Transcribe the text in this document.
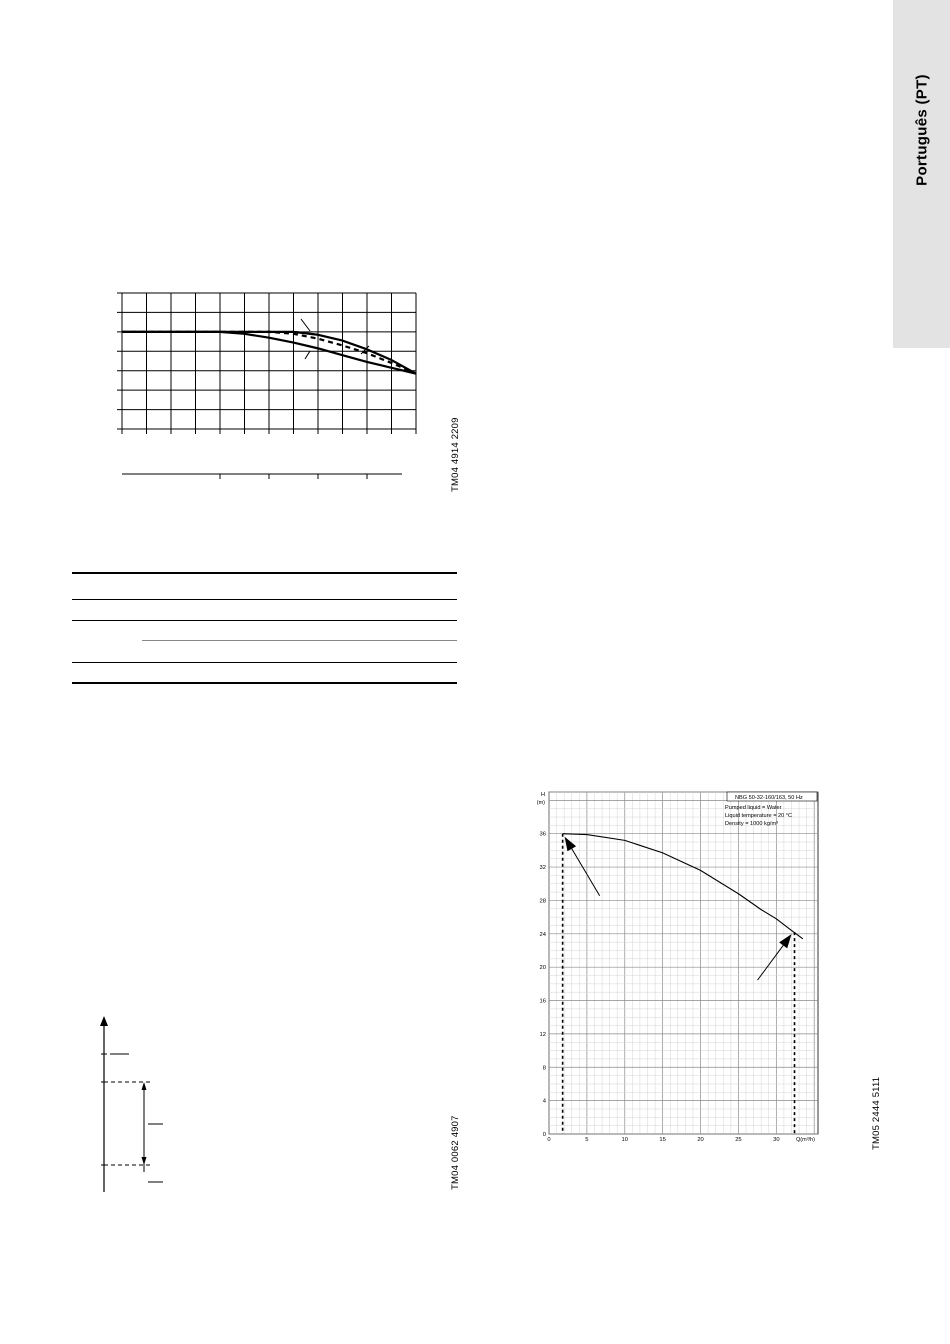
Português (PT)
TM04 4914 2209
TM04 0062 4907	0	5	10	15	20	25	30
0
4
8
12
16
20
24
28
32
36
H
(m)
Q(m³/h)
NBG 50-32-160/163, 50 Hz
Pumped liquid = Water
Liquid temperature = 20 °C
Density = 1000 kg/m³
TM05 2444 5111
